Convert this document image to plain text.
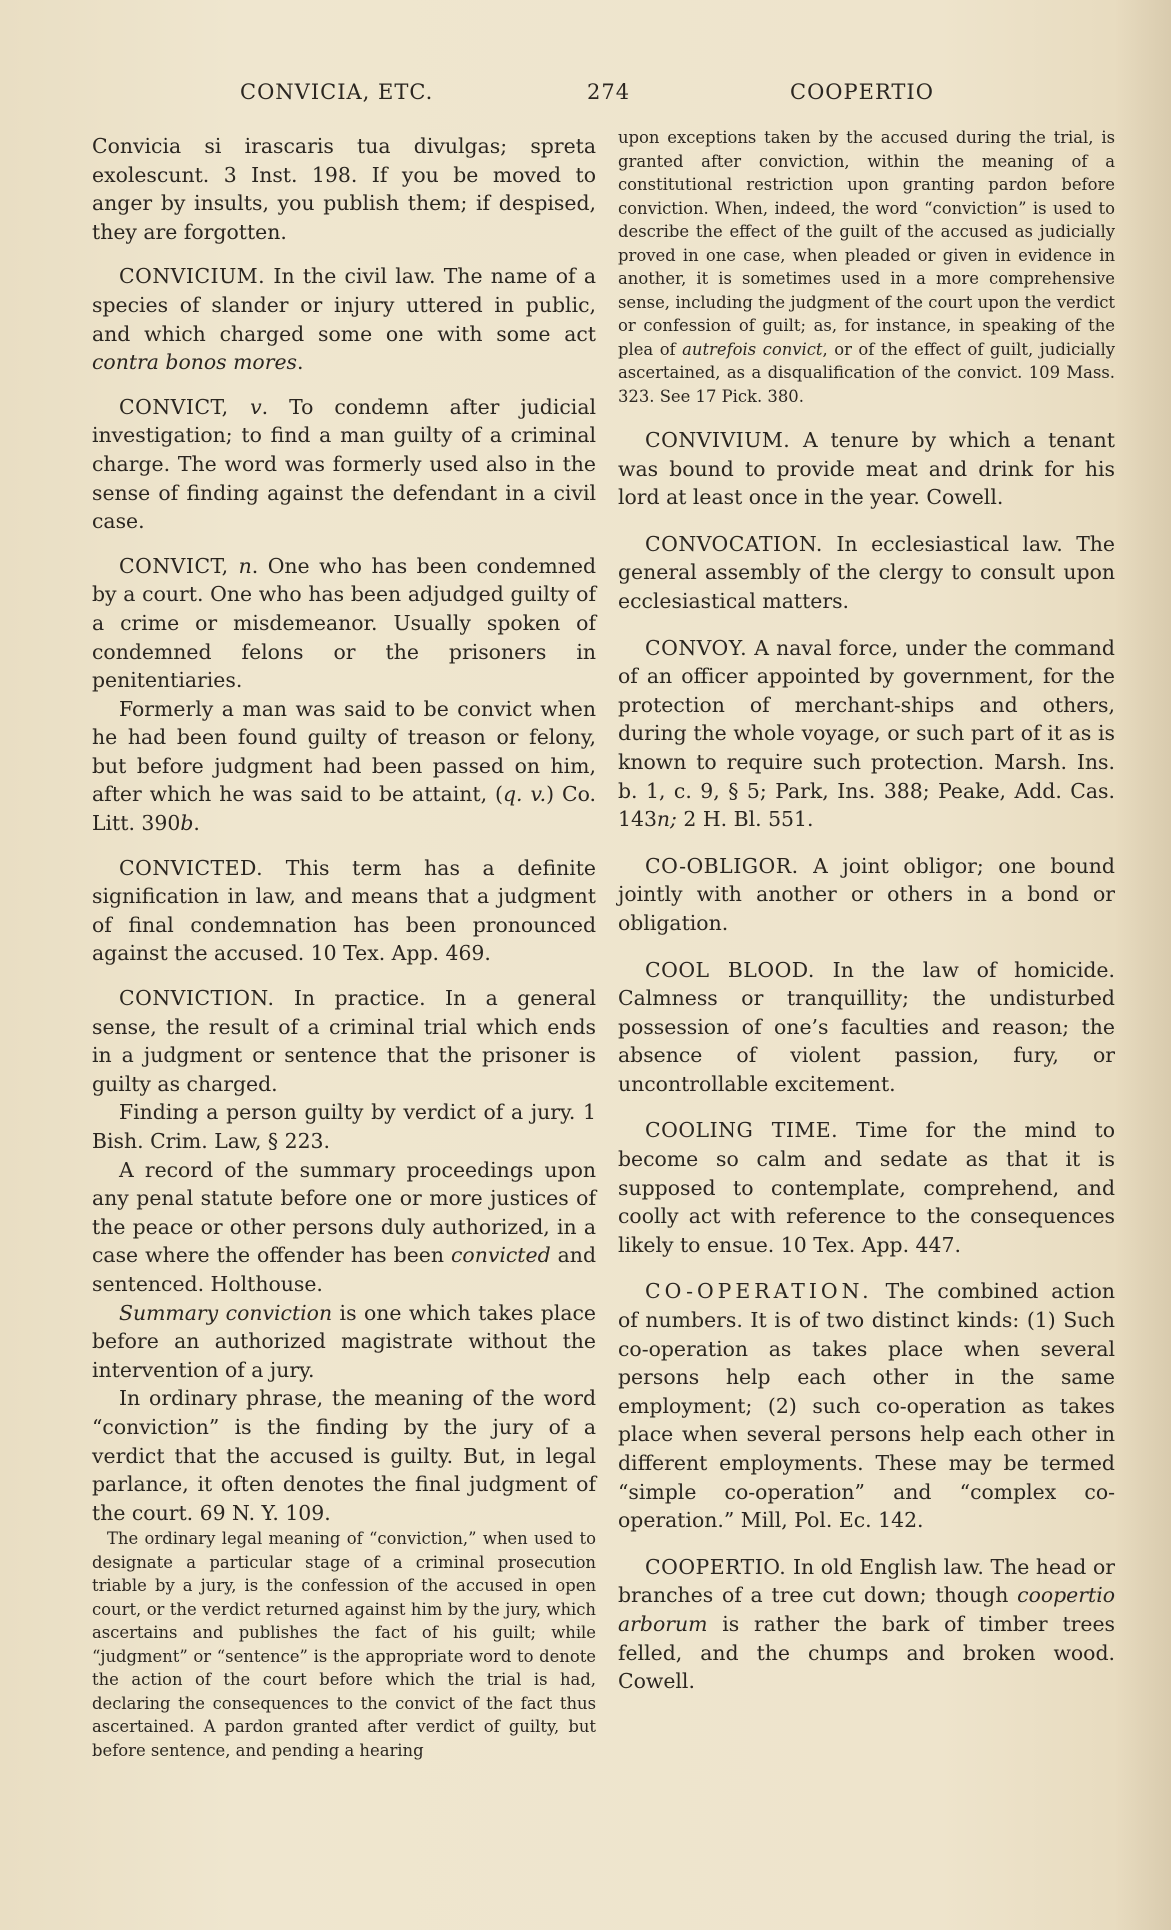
CONVICIA, ETC.	274	COOPERTIO

Convicia si irascaris tua divulgas; spreta exolescunt. 3 Inst. 198. If you be moved to anger by insults, you publish them; if despised, they are forgotten.

CONVICIUM. In the civil law. The name of a species of slander or injury uttered in public, and which charged some one with some act contra bonos mores.

CONVICT, v. To condemn after judicial investigation; to find a man guilty of a criminal charge. The word was formerly used also in the sense of finding against the defendant in a civil case.

CONVICT, n. One who has been condemned by a court. One who has been adjudged guilty of a crime or misdemeanor. Usually spoken of condemned felons or the prisoners in penitentiaries.

Formerly a man was said to be convict when he had been found guilty of treason or felony, but before judgment had been passed on him, after which he was said to be attaint, (q. v.) Co. Litt. 390b.

CONVICTED. This term has a definite signification in law, and means that a judgment of final condemnation has been pronounced against the accused. 10 Tex. App. 469.

CONVICTION. In practice. In a general sense, the result of a criminal trial which ends in a judgment or sentence that the prisoner is guilty as charged.

Finding a person guilty by verdict of a jury. 1 Bish. Crim. Law, § 223.

A record of the summary proceedings upon any penal statute before one or more justices of the peace or other persons duly authorized, in a case where the offender has been convicted and sentenced. Holthouse.

Summary conviction is one which takes place before an authorized magistrate without the intervention of a jury.

In ordinary phrase, the meaning of the word “conviction” is the finding by the jury of a verdict that the accused is guilty. But, in legal parlance, it often denotes the final judgment of the court. 69 N. Y. 109.

The ordinary legal meaning of “conviction,” when used to designate a particular stage of a criminal prosecution triable by a jury, is the confession of the accused in open court, or the verdict returned against him by the jury, which ascertains and publishes the fact of his guilt; while “judgment” or “sentence” is the appropriate word to denote the action of the court before which the trial is had, declaring the consequences to the convict of the fact thus ascertained. A pardon granted after verdict of guilty, but before sentence, and pending a hearing

upon exceptions taken by the accused during the trial, is granted after conviction, within the meaning of a constitutional restriction upon granting pardon before conviction. When, indeed, the word “conviction” is used to describe the effect of the guilt of the accused as judicially proved in one case, when pleaded or given in evidence in another, it is sometimes used in a more comprehensive sense, including the judgment of the court upon the verdict or confession of guilt; as, for instance, in speaking of the plea of autrefois convict, or of the effect of guilt, judicially ascertained, as a disqualification of the convict. 109 Mass. 323. See 17 Pick. 380.

CONVIVIUM. A tenure by which a tenant was bound to provide meat and drink for his lord at least once in the year. Cowell.

CONVOCATION. In ecclesiastical law. The general assembly of the clergy to consult upon ecclesiastical matters.

CONVOY. A naval force, under the command of an officer appointed by government, for the protection of merchant-ships and others, during the whole voyage, or such part of it as is known to require such protection. Marsh. Ins. b. 1, c. 9, § 5; Park, Ins. 388; Peake, Add. Cas. 143n; 2 H. Bl. 551.

CO-OBLIGOR. A joint obligor; one bound jointly with another or others in a bond or obligation.

COOL BLOOD. In the law of homicide. Calmness or tranquillity; the undisturbed possession of one’s faculties and reason; the absence of violent passion, fury, or uncontrollable excitement.

COOLING TIME. Time for the mind to become so calm and sedate as that it is supposed to contemplate, comprehend, and coolly act with reference to the consequences likely to ensue. 10 Tex. App. 447.

CO-OPERATION. The combined action of numbers. It is of two distinct kinds: (1) Such co-operation as takes place when several persons help each other in the same employment; (2) such co-operation as takes place when several persons help each other in different employments. These may be termed “simple co-operation” and “complex co-operation.” Mill, Pol. Ec. 142.

COOPERTIO. In old English law. The head or branches of a tree cut down; though coopertio arborum is rather the bark of timber trees felled, and the chumps and broken wood. Cowell.
